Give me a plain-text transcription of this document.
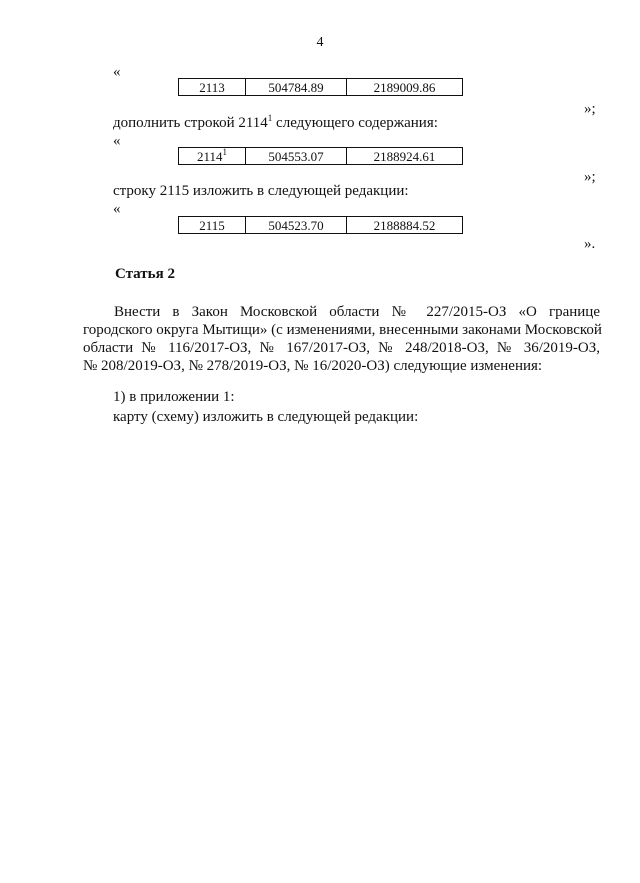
4
«
2113	504784.89	2189009.86
»;
дополнить строкой 2114$^1$ следующего содержания:
«
2114$^1$	504553.07	2188924.61
»;
строку 2115 изложить в следующей редакции:
«
2115	504523.70	2188884.52
».
Статья 2
Внести в Закон Московской области № 227/2015-ОЗ «О границе
городского округа Мытищи» (с изменениями, внесенными законами Московской
области № 116/2017-ОЗ, № 167/2017-ОЗ, № 248/2018-ОЗ, № 36/2019-ОЗ,
№ 208/2019-ОЗ, № 278/2019-ОЗ, № 16/2020-ОЗ) следующие изменения:
1) в приложении 1:
карту (схему) изложить в следующей редакции:
